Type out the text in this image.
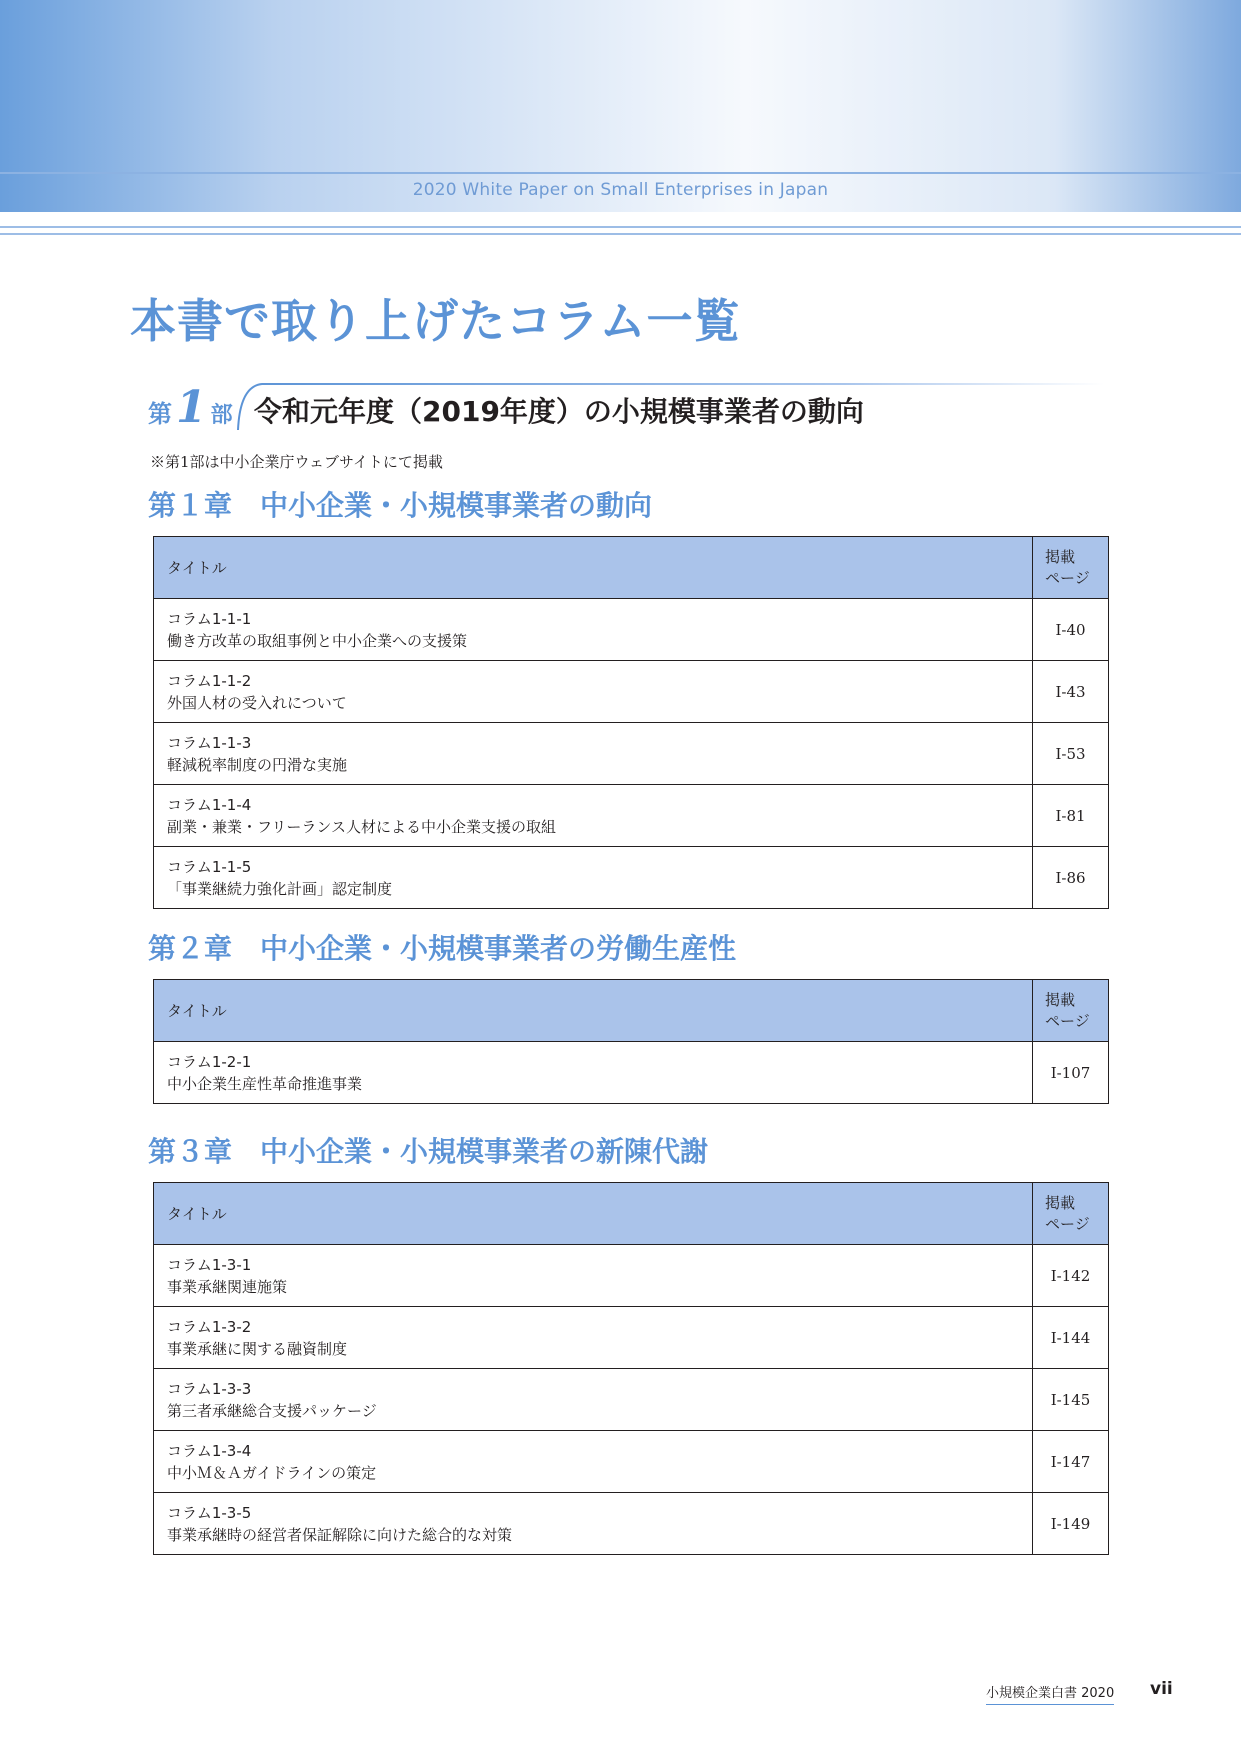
2020 White Paper on Small Enterprises in Japan
本書で取り上げたコラム一覧
第 1 部 令和元年度（2019年度）の小規模事業者の動向
※第1部は中小企業庁ウェブサイトにて掲載
第１章　中小企業・小規模事業者の動向
タイトル	掲載
ページ

コラム1-1-1
働き方改革の取組事例と中小企業への支援策	Ⅰ-40

コラム1-1-2
外国人材の受入れについて	Ⅰ-43

コラム1-1-3
軽減税率制度の円滑な実施	Ⅰ-53

コラム1-1-4
副業・兼業・フリーランス人材による中小企業支援の取組	Ⅰ-81

コラム1-1-5
「事業継続力強化計画」認定制度	Ⅰ-86
第２章　中小企業・小規模事業者の労働生産性
タイトル	掲載
ページ

コラム1-2-1
中小企業生産性革命推進事業	Ⅰ-107
第３章　中小企業・小規模事業者の新陳代謝
タイトル	掲載
ページ

コラム1-3-1
事業承継関連施策	Ⅰ-142

コラム1-3-2
事業承継に関する融資制度	Ⅰ-144

コラム1-3-3
第三者承継総合支援パッケージ	Ⅰ-145

コラム1-3-4
中小Ｍ＆Ａガイドラインの策定	Ⅰ-147

コラム1-3-5
事業承継時の経営者保証解除に向けた総合的な対策	Ⅰ-149
小規模企業白書 2020 vii
